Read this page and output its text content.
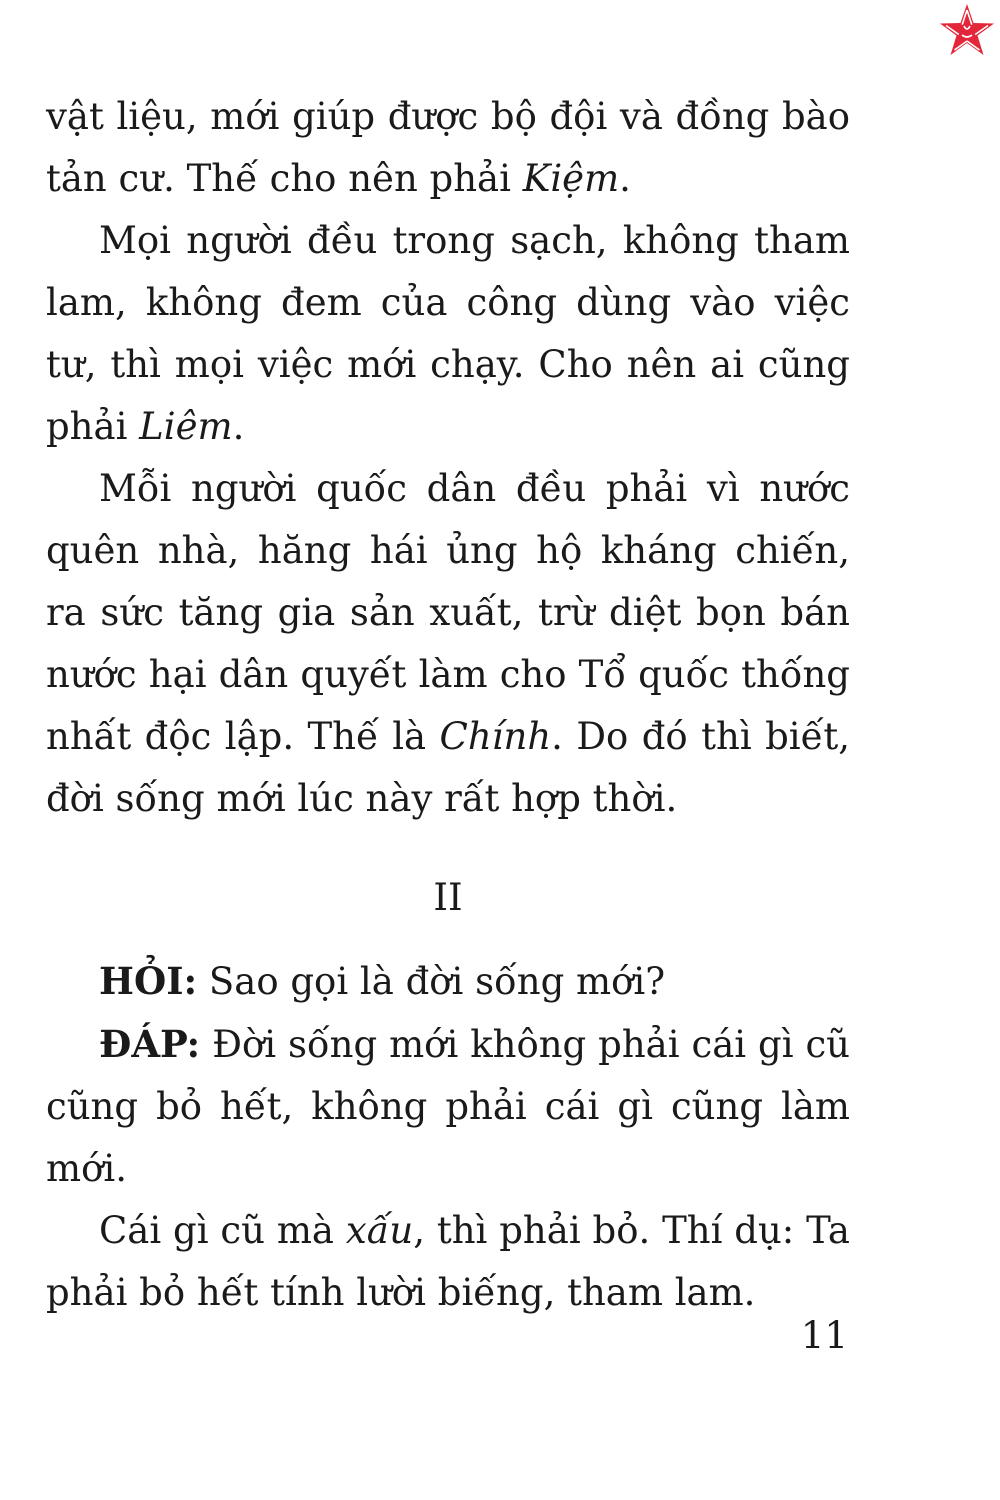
vật liệu, mới giúp được bộ đội và đồng bào tản cư. Thế cho nên phải Kiệm.

Mọi người đều trong sạch, không tham lam, không đem của công dùng vào việc tư, thì mọi việc mới chạy. Cho nên ai cũng phải Liêm.

Mỗi người quốc dân đều phải vì nước quên nhà, hăng hái ủng hộ kháng chiến, ra sức tăng gia sản xuất, trừ diệt bọn bán nước hại dân quyết làm cho Tổ quốc thống nhất độc lập. Thế là Chính. Do đó thì biết, đời sống mới lúc này rất hợp thời.

II

HỎI: Sao gọi là đời sống mới?

ĐÁP: Đời sống mới không phải cái gì cũ cũng bỏ hết, không phải cái gì cũng làm mới.

Cái gì cũ mà xấu, thì phải bỏ. Thí dụ: Ta phải bỏ hết tính lười biếng, tham lam.

11
